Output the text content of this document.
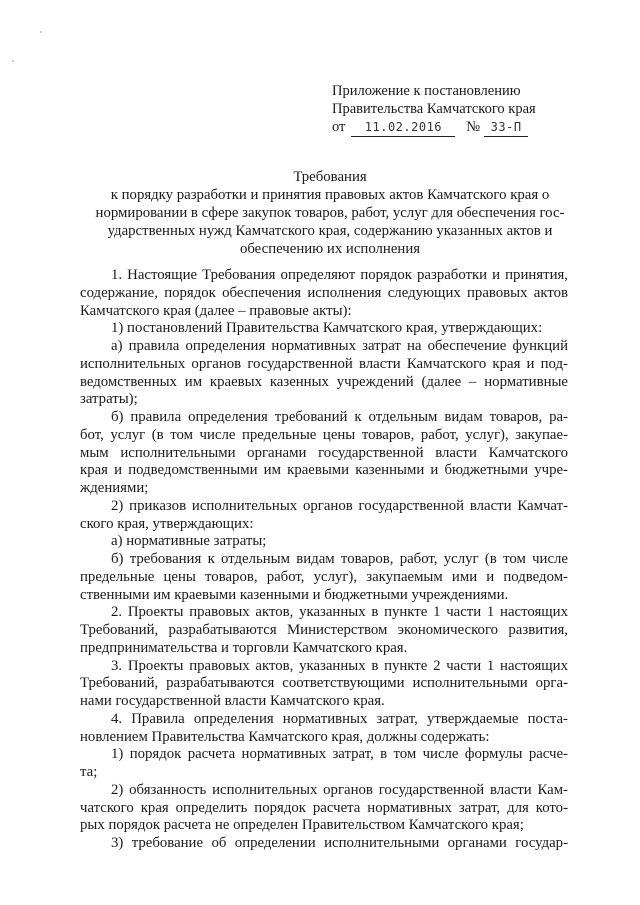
Приложение к постановлению
Правительства Камчатского края
от 11.02.2016 № 33-П
Требования
к порядку разработки и принятия правовых актов Камчатского края о
нормировании в сфере закупок товаров, работ, услуг для обеспечения гос-
ударственных нужд Камчатского края, содержанию указанных актов и
обеспечению их исполнения
1. Настоящие Требования определяют порядок разработки и принятия,
содержание, порядок обеспечения исполнения следующих правовых актов
Камчатского края (далее – правовые акты):
1) постановлений Правительства Камчатского края, утверждающих:
а) правила определения нормативных затрат на обеспечение функций
исполнительных органов государственной власти Камчатского края и под-
ведомственных им краевых казенных учреждений (далее – нормативные
затраты);
б) правила определения требований к отдельным видам товаров, ра-
бот, услуг (в том числе предельные цены товаров, работ, услуг), закупае-
мым исполнительными органами государственной власти Камчатского
края и подведомственными им краевыми казенными и бюджетными учре-
ждениями;
2) приказов исполнительных органов государственной власти Камчат-
ского края, утверждающих:
а) нормативные затраты;
б) требования к отдельным видам товаров, работ, услуг (в том числе
предельные цены товаров, работ, услуг), закупаемым ими и подведом-
ственными им краевыми казенными и бюджетными учреждениями.
2. Проекты правовых актов, указанных в пункте 1 части 1 настоящих
Требований, разрабатываются Министерством экономического развития,
предпринимательства и торговли Камчатского края.
3. Проекты правовых актов, указанных в пункте 2 части 1 настоящих
Требований, разрабатываются соответствующими исполнительными орга-
нами государственной власти Камчатского края.
4. Правила определения нормативных затрат, утверждаемые поста-
новлением Правительства Камчатского края, должны содержать:
1) порядок расчета нормативных затрат, в том числе формулы расче-
та;
2) обязанность исполнительных органов государственной власти Кам-
чатского края определить порядок расчета нормативных затрат, для кото-
рых порядок расчета не определен Правительством Камчатского края;
3) требование об определении исполнительными органами государ-
